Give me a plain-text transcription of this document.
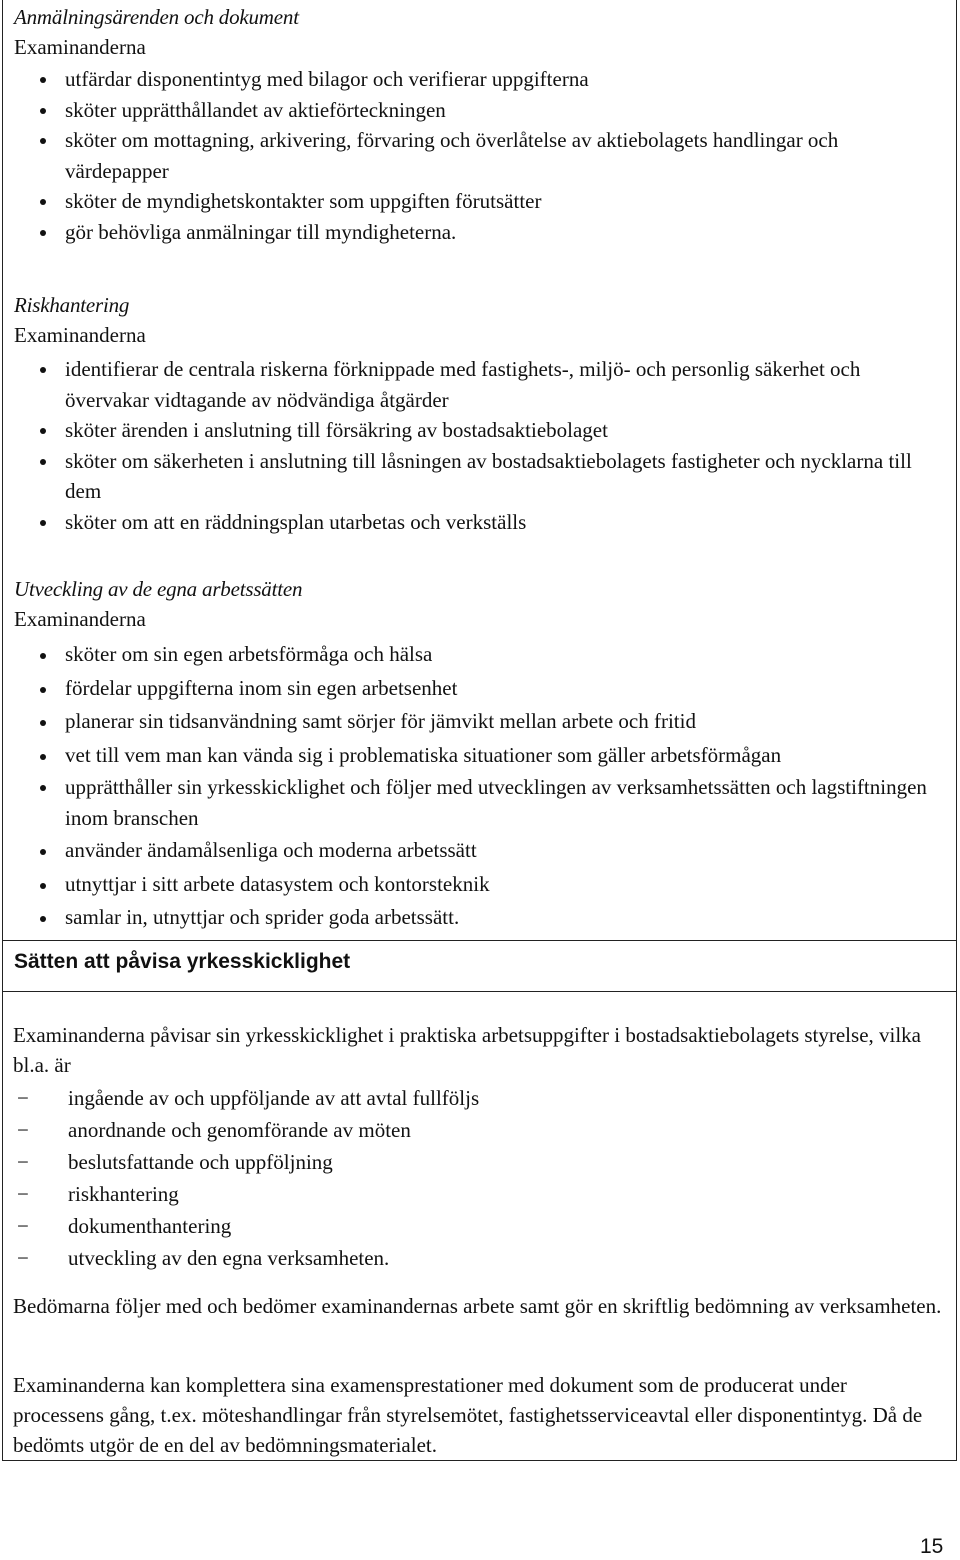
Anmälningsärenden och dokument

Examinanderna

utfärdar disponentintyg med bilagor och verifierar uppgifterna
sköter upprätthållandet av aktieförteckningen
sköter om mottagning, arkivering, förvaring och överlåtelse av aktiebolagets handlingar och värdepapper
sköter de myndighetskontakter som uppgiften förutsätter
gör behövliga anmälningar till myndigheterna.

Riskhantering

Examinanderna

identifierar de centrala riskerna förknippade med fastighets-, miljö- och personlig säkerhet och övervakar vidtagande av nödvändiga åtgärder
sköter ärenden i anslutning till försäkring av bostadsaktiebolaget
sköter om säkerheten i anslutning till låsningen av bostadsaktiebolagets fastigheter och nycklarna till dem
sköter om att en räddningsplan utarbetas och verkställs

Utveckling av de egna arbetssätten

Examinanderna

sköter om sin egen arbetsförmåga och hälsa
fördelar uppgifterna inom sin egen arbetsenhet
planerar sin tidsanvändning samt sörjer för jämvikt mellan arbete och fritid
vet till vem man kan vända sig i problematiska situationer som gäller arbetsförmågan
upprätthåller sin yrkesskicklighet och följer med utvecklingen av verksamhetssätten och lagstiftningen inom branschen
använder ändamålsenliga och moderna arbetssätt
utnyttjar i sitt arbete datasystem och kontorsteknik
samlar in, utnyttjar och sprider goda arbetssätt.
Sätten att påvisa yrkesskicklighet

Examinanderna påvisar sin yrkesskicklighet i praktiska arbetsuppgifter i bostadsaktiebolagets styrelse, vilka bl.a. är

− ingående av och uppföljande av att avtal fullföljs
− anordnande och genomförande av möten
− beslutsfattande och uppföljning
− riskhantering
− dokumenthantering
− utveckling av den egna verksamheten.

Bedömarna följer med och bedömer examinandernas arbete samt gör en skriftlig bedömning av verksamheten.

Examinanderna kan komplettera sina examensprestationer med dokument som de producerat under processens gång, t.ex. möteshandlingar från styrelsemötet, fastighetsserviceavtal eller disponentintyg. Då de bedömts utgör de en del av bedömningsmaterialet.

15
